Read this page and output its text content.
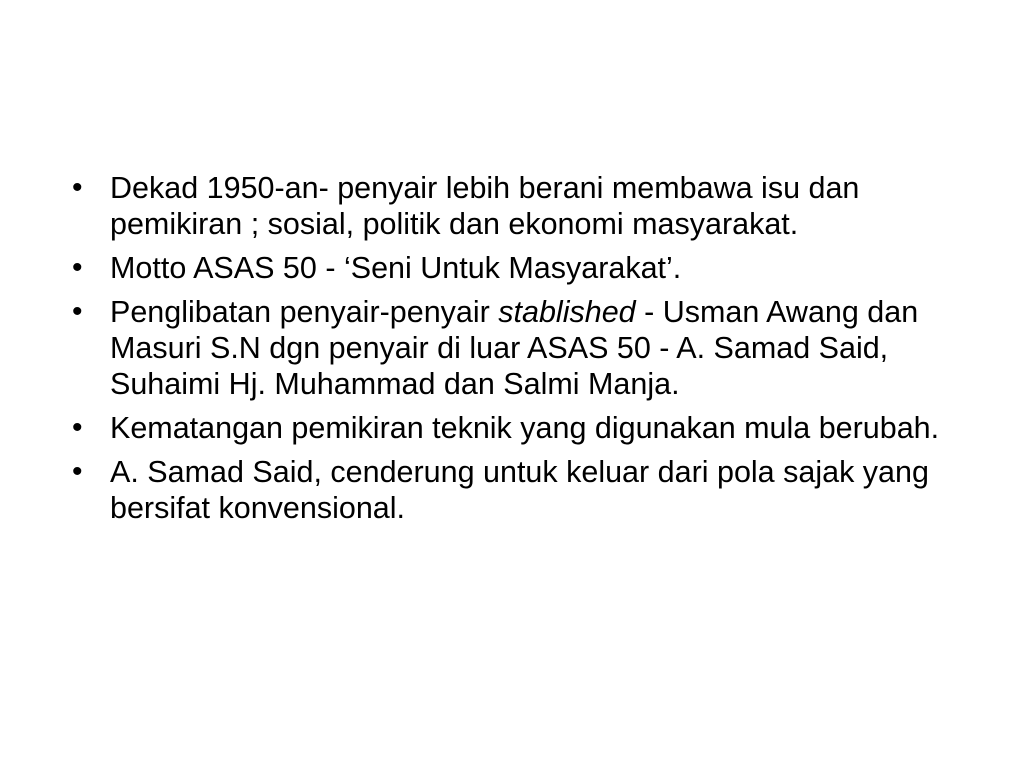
• Dekad 1950-an- penyair lebih berani membawa isu dan pemikiran ; sosial, politik dan ekonomi masyarakat.
• Motto ASAS 50 - ‘Seni Untuk Masyarakat’.
• Penglibatan penyair-penyair stablished - Usman Awang dan Masuri S.N dgn penyair di luar ASAS 50 - A. Samad Said, Suhaimi Hj. Muhammad dan Salmi Manja.
• Kematangan pemikiran teknik yang digunakan mula berubah.
• A. Samad Said, cenderung untuk keluar dari pola sajak yang bersifat konvensional.
